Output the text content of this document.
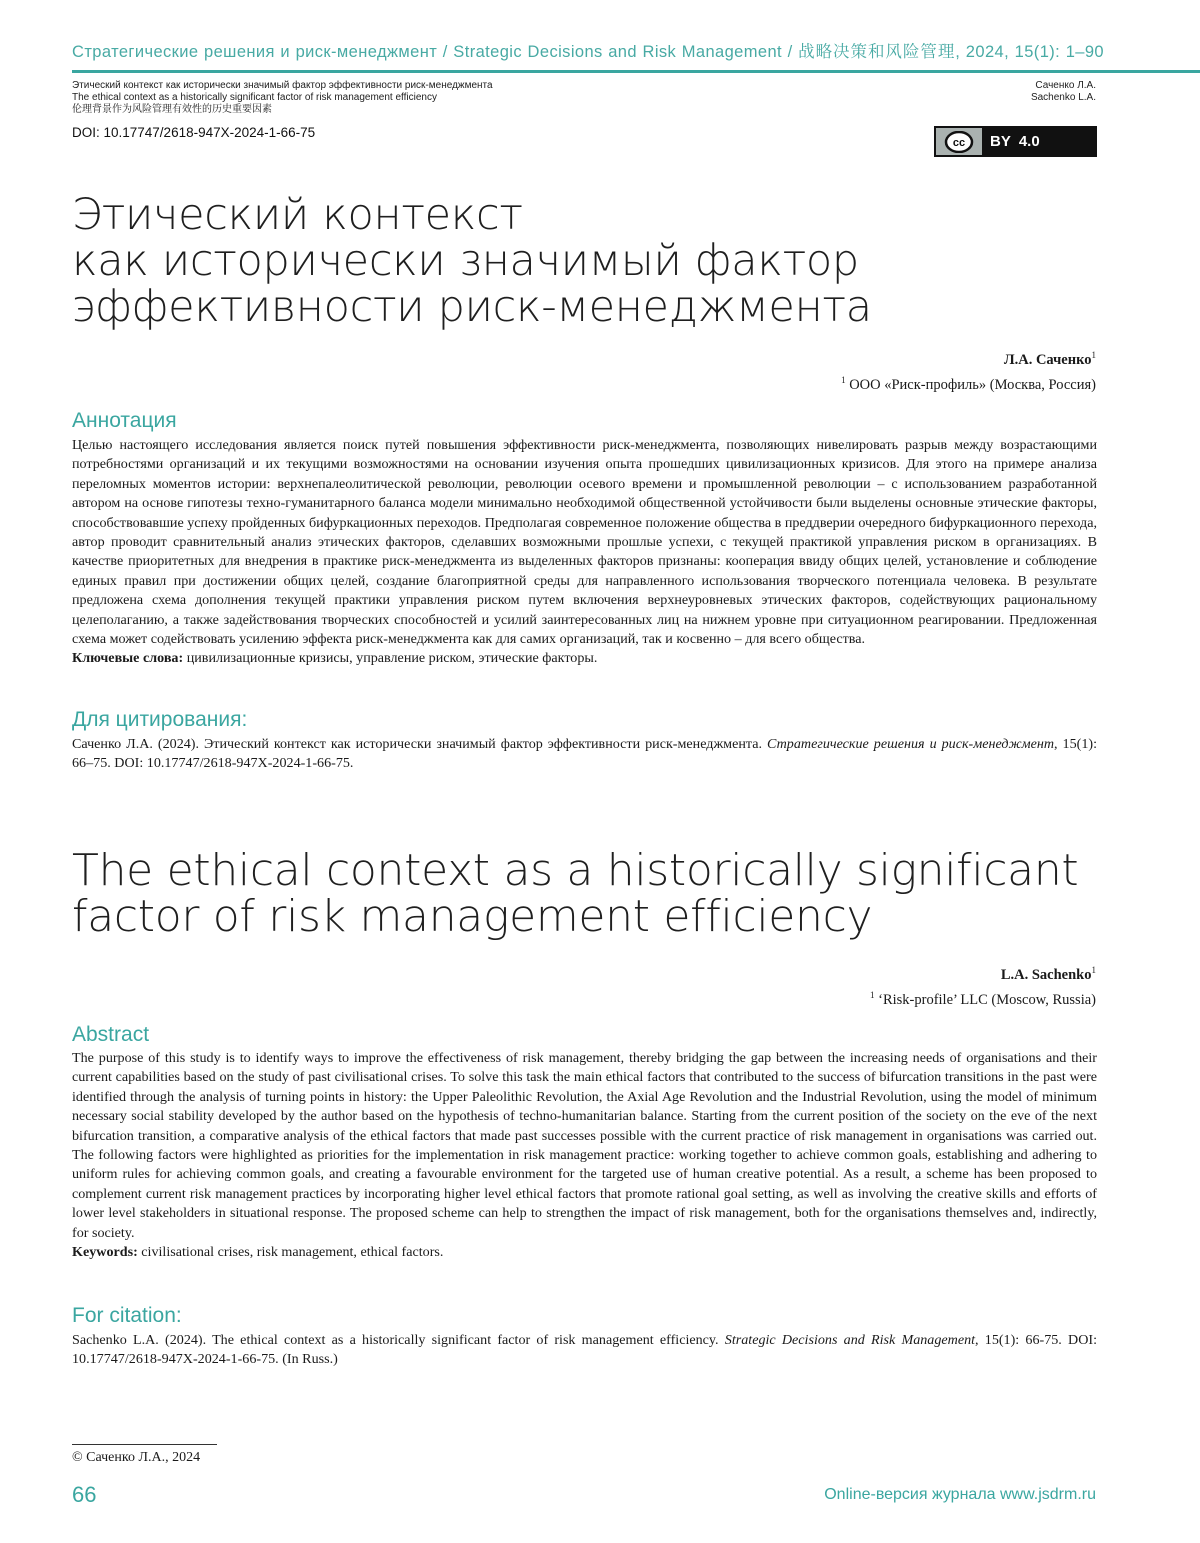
Стратегические решения и риск-менеджмент / Strategic Decisions and Risk Management / 战略决策和风险管理, 2024, 15(1): 1–90
Этический контекст как исторически значимый фактор эффективности риск-менеджмента
The ethical context as a historically significant factor of risk management efficiency
伦理背景作为风险管理有效性的历史重要因素
Саченко Л.А.
Sachenko L.A.
DOI: 10.17747/2618-947X-2024-1-66-75
cc BY 4.0
Этический контекст
как исторически значимый фактор
эффективности риск-менеджмента
Л.А. Саченко1
1 ООО «Риск-профиль» (Москва, Россия)
Аннотация
Целью настоящего исследования является поиск путей повышения эффективности риск-менеджмента, позволяющих нивелировать разрыв между возрастающими потребностями организаций и их текущими возможностями на основании изучения опыта прошедших цивилизационных кризисов. Для этого на примере анализа переломных моментов истории: верхнепалеолитической революции, революции осевого времени и промышленной революции – с использованием разработанной автором на основе гипотезы техно-гуманитарного баланса модели минимально необходимой общественной устойчивости были выделены основные этические факторы, способствовавшие успеху пройденных бифуркационных переходов. Предполагая современное положение общества в преддверии очередного бифуркационного перехода, автор проводит сравнительный анализ этических факторов, сделавших возможными прошлые успехи, с текущей практикой управления риском в организациях. В качестве приоритетных для внедрения в практике риск-менеджмента из выделенных факторов признаны: кооперация ввиду общих целей, установление и соблюдение единых правил при достижении общих целей, создание благоприятной среды для направленного использования творческого потенциала человека. В результате предложена схема дополнения текущей практики управления риском путем включения верхнеуровневых этических факторов, содействующих рациональному целеполаганию, а также задействования творческих способностей и усилий заинтересованных лиц на нижнем уровне при ситуационном реагировании. Предложенная схема может содействовать усилению эффекта риск-менеджмента как для самих организаций, так и косвенно – для всего общества.
Ключевые слова: цивилизационные кризисы, управление риском, этические факторы.
Для цитирования:
Саченко Л.А. (2024). Этический контекст как исторически значимый фактор эффективности риск-менеджмента. Стратегические решения и риск-менеджмент, 15(1): 66–75. DOI: 10.17747/2618-947X-2024-1-66-75.
The ethical context as a historically significant
factor of risk management efficiency
L.A. Sachenko1
1 ‘Risk-profile’ LLC (Moscow, Russia)
Abstract
The purpose of this study is to identify ways to improve the effectiveness of risk management, thereby bridging the gap between the increasing needs of organisations and their current capabilities based on the study of past civilisational crises. To solve this task the main ethical factors that contributed to the success of bifurcation transitions in the past were identified through the analysis of turning points in history: the Upper Paleolithic Revolution, the Axial Age Revolution and the Industrial Revolution, using the model of minimum necessary social stability developed by the author based on the hypothesis of techno-humanitarian balance. Starting from the current position of the society on the eve of the next bifurcation transition, a comparative analysis of the ethical factors that made past successes possible with the current practice of risk management in organisations was carried out. The following factors were highlighted as priorities for the implementation in risk management practice: working together to achieve common goals, establishing and adhering to uniform rules for achieving common goals, and creating a favourable environment for the targeted use of human creative potential. As a result, a scheme has been proposed to complement current risk management practices by incorporating higher level ethical factors that promote rational goal setting, as well as involving the creative skills and efforts of lower level stakeholders in situational response. The proposed scheme can help to strengthen the impact of risk management, both for the organisations themselves and, indirectly, for society.
Keywords: civilisational crises, risk management, ethical factors.
For citation:
Sachenko L.A. (2024). The ethical context as a historically significant factor of risk management efficiency. Strategic Decisions and Risk Management, 15(1): 66-75. DOI: 10.17747/2618-947X-2024-1-66-75. (In Russ.)
© Саченко Л.А., 2024
66	Online-версия журнала www.jsdrm.ru
